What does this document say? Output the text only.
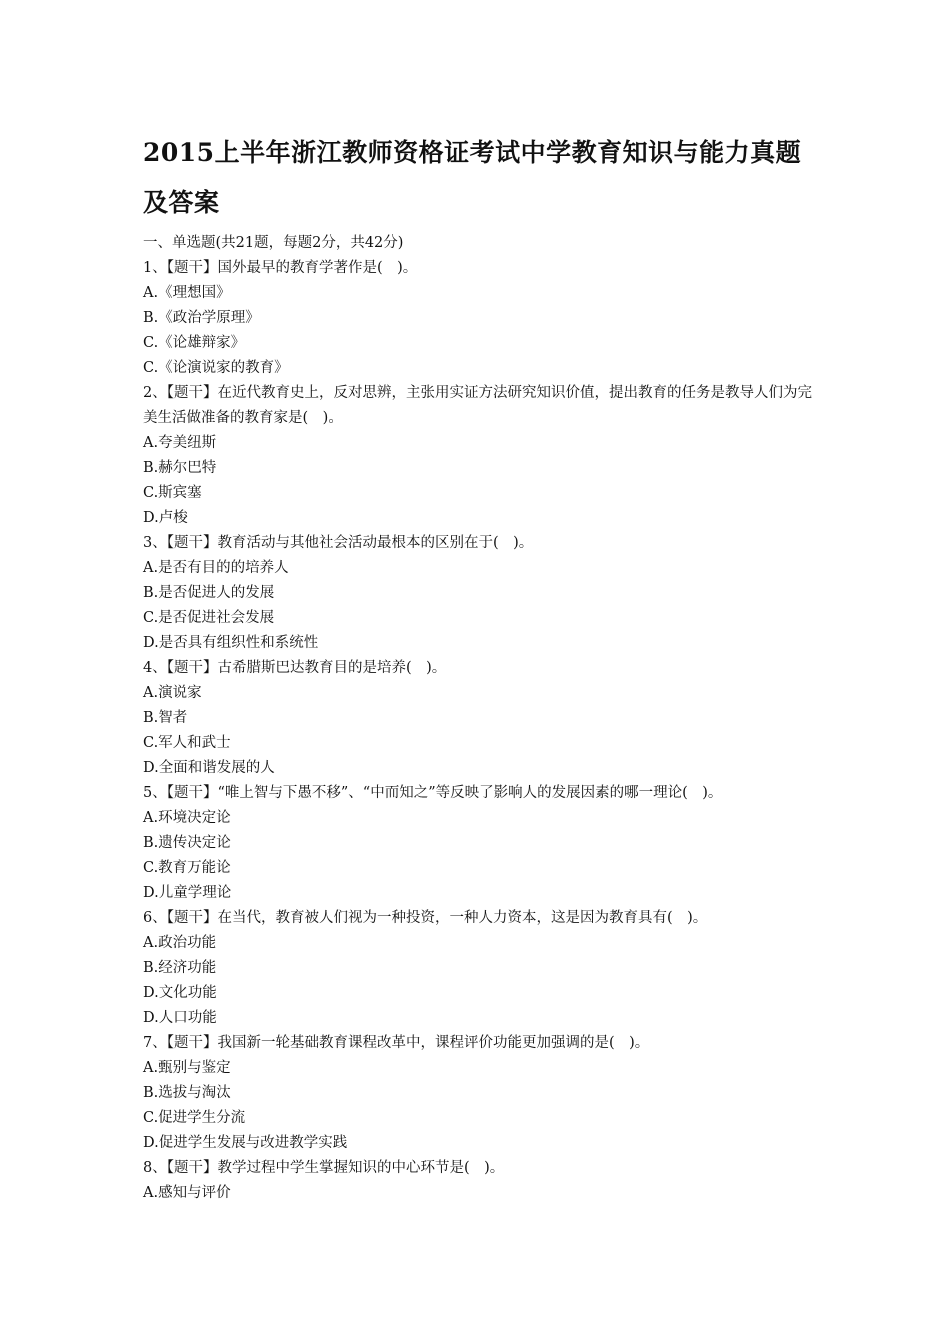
2015上半年浙江教师资格证考试中学教育知识与能力真题
及答案

一、单选题(共21题，每题2分，共42分)

1、【题干】国外最早的教育学著作是(　)。

A.《理想国》

B.《政治学原理》

C.《论雄辩家》

C.《论演说家的教育》

2、【题干】在近代教育史上，反对思辨，主张用实证方法研究知识价值，提出教育的任务是教导人们为完美生活做准备的教育家是(　)。

A.夸美纽斯

B.赫尔巴特

C.斯宾塞

D.卢梭

3、【题干】教育活动与其他社会活动最根本的区别在于(　)。

A.是否有目的的培养人

B.是否促进人的发展

C.是否促进社会发展

D.是否具有组织性和系统性

4、【题干】古希腊斯巴达教育目的是培养(　)。

A.演说家

B.智者

C.军人和武士

D.全面和谐发展的人

5、【题干】“唯上智与下愚不移”、“中而知之”等反映了影响人的发展因素的哪一理论(　)。

A.环境决定论

B.遗传决定论

C.教育万能论

D.儿童学理论

6、【题干】在当代，教育被人们视为一种投资，一种人力资本，这是因为教育具有(　)。

A.政治功能

B.经济功能

D.文化功能

D.人口功能

7、【题干】我国新一轮基础教育课程改革中，课程评价功能更加强调的是(　)。

A.甄别与鉴定

B.选拔与淘汰

C.促进学生分流

D.促进学生发展与改进教学实践

8、【题干】教学过程中学生掌握知识的中心环节是(　)。

A.感知与评价
